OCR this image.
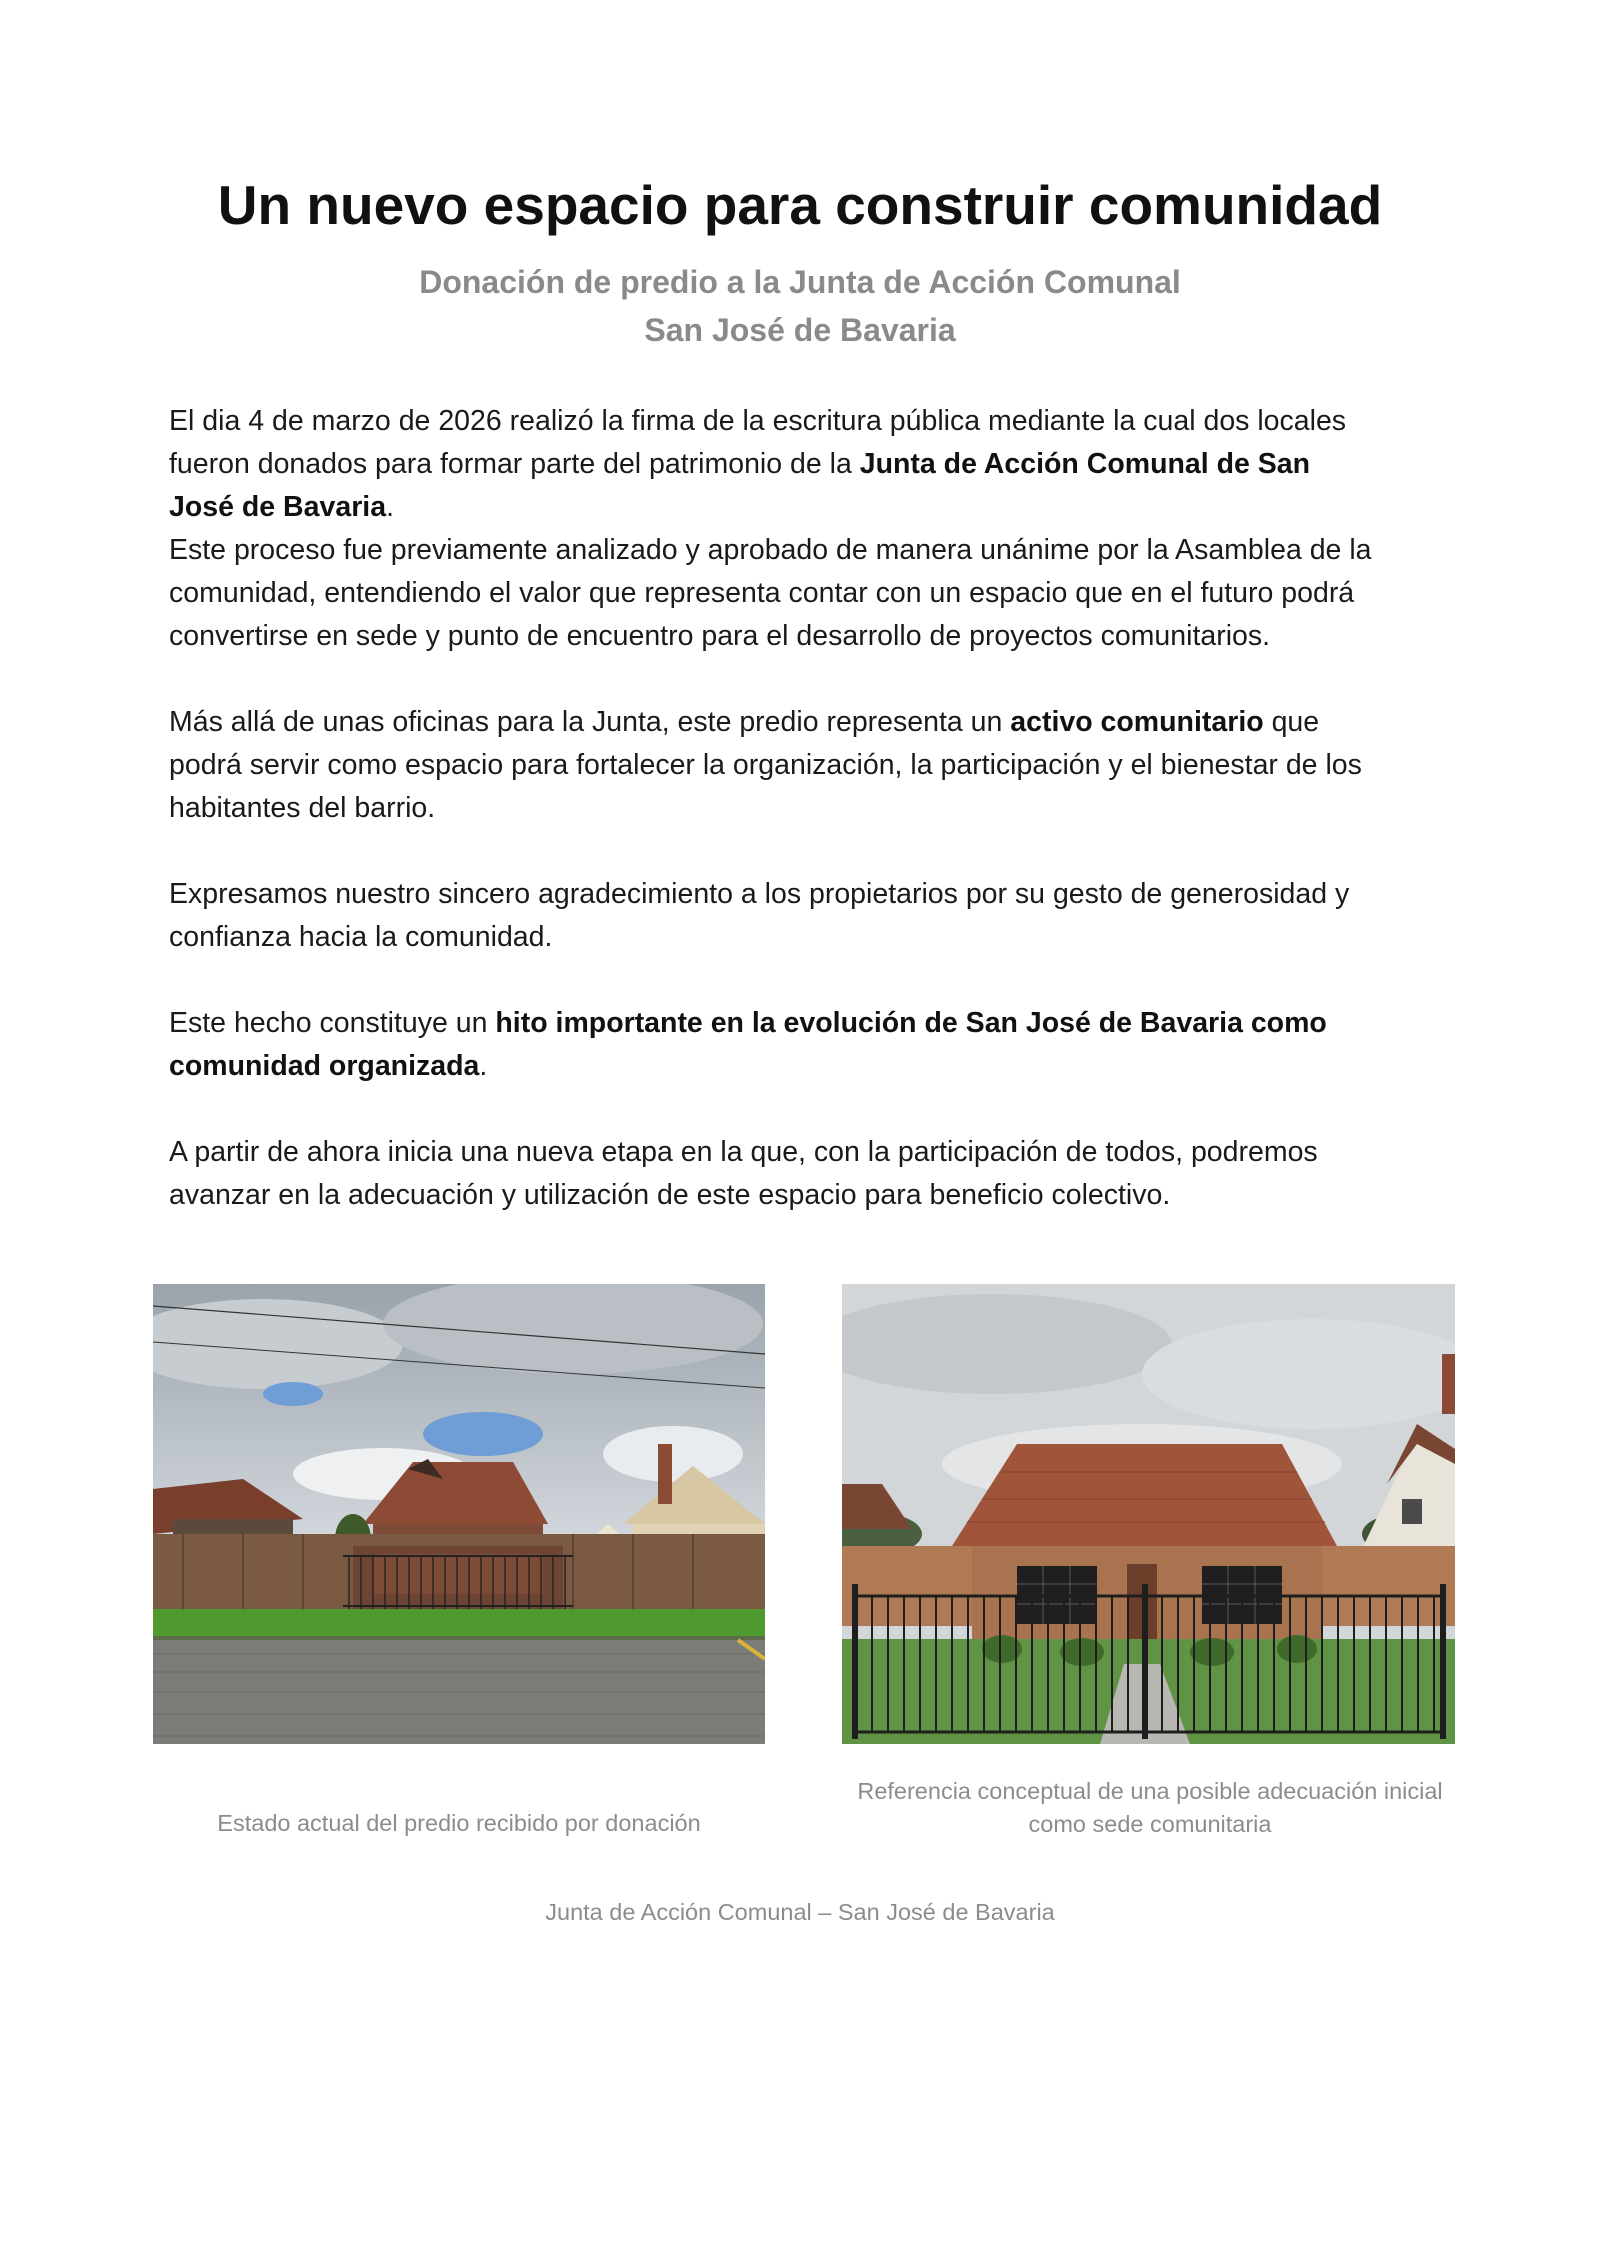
Un nuevo espacio para construir comunidad
Donación de predio a la Junta de Acción Comunal
San José de Bavaria

El dia 4 de marzo de 2026 realizó la firma de la escritura pública mediante la cual dos locales
fueron donados para formar parte del patrimonio de la Junta de Acción Comunal de San
José de Bavaria.

Este proceso fue previamente analizado y aprobado de manera unánime por la Asamblea de la
comunidad, entendiendo el valor que representa contar con un espacio que en el futuro podrá
convertirse en sede y punto de encuentro para el desarrollo de proyectos comunitarios.

Más allá de unas oficinas para la Junta, este predio representa un activo comunitario que
podrá servir como espacio para fortalecer la organización, la participación y el bienestar de los
habitantes del barrio.

Expresamos nuestro sincero agradecimiento a los propietarios por su gesto de generosidad y
confianza hacia la comunidad.

Este hecho constituye un hito importante en la evolución de San José de Bavaria como
comunidad organizada.

A partir de ahora inicia una nueva etapa en la que, con la participación de todos, podremos
avanzar en la adecuación y utilización de este espacio para beneficio colectivo.

Estado actual del predio recibido por donación
Referencia conceptual de una posible adecuación inicial
como sede comunitaria
Junta de Acción Comunal – San José de Bavaria
